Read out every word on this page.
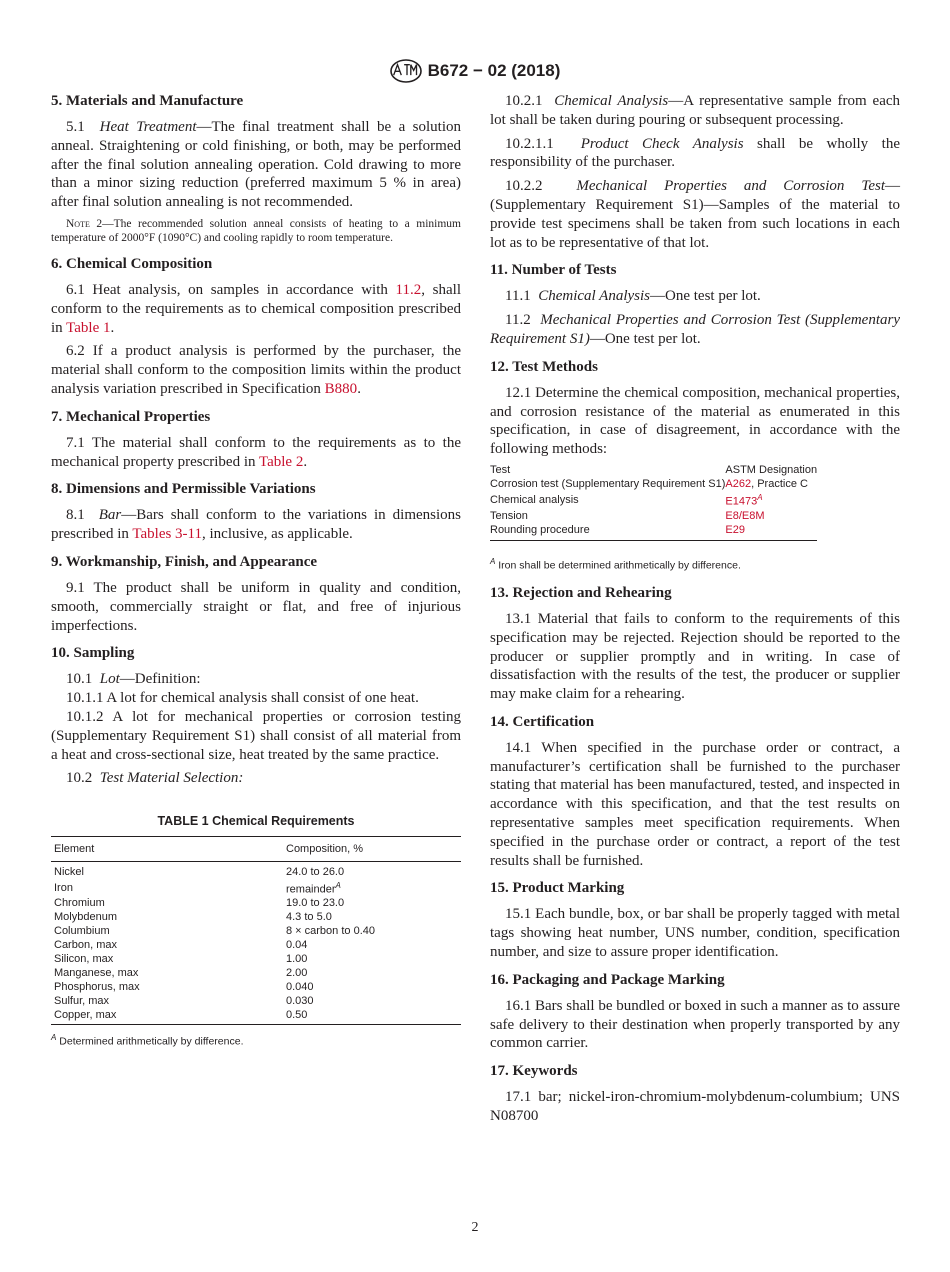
B672 − 02 (2018)
5. Materials and Manufacture

5.1 Heat Treatment—The final treatment shall be a solution anneal. Straightening or cold finishing, or both, may be performed after the final solution annealing operation. Cold drawing to more than a minor sizing reduction (preferred maximum 5 % in area) after final solution annealing is not recommended.

Note 2—The recommended solution anneal consists of heating to a minimum temperature of 2000°F (1090°C) and cooling rapidly to room temperature.
6. Chemical Composition

6.1 Heat analysis, on samples in accordance with 11.2, shall conform to the requirements as to chemical composition prescribed in Table 1.

6.2 If a product analysis is performed by the purchaser, the material shall conform to the composition limits within the product analysis variation prescribed in Specification B880.

7. Mechanical Properties

7.1 The material shall conform to the requirements as to the mechanical property prescribed in Table 2.

8. Dimensions and Permissible Variations

8.1 Bar—Bars shall conform to the variations in dimensions prescribed in Tables 3-11, inclusive, as applicable.

9. Workmanship, Finish, and Appearance

9.1 The product shall be uniform in quality and condition, smooth, commercially straight or flat, and free of injurious imperfections.

10. Sampling

10.1 Lot—Definition:

10.1.1 A lot for chemical analysis shall consist of one heat.

10.1.2 A lot for mechanical properties or corrosion testing (Supplementary Requirement S1) shall consist of all material from a heat and cross-sectional size, heat treated by the same practice.

10.2 Test Material Selection:

TABLE 1 Chemical Requirements
Element	Composition, %
Nickel	24.0 to 26.0
Iron	remainder$^A$
Chromium	19.0 to 23.0
Molybdenum	4.3 to 5.0
Columbium	8 × carbon to 0.40
Carbon, max	0.04
Silicon, max	1.00
Manganese, max	2.00
Phosphorus, max	0.040
Sulfur, max	0.030
Copper, max	0.50
$^A$ Determined arithmetically by difference.

10.2.1 Chemical Analysis—A representative sample from each lot shall be taken during pouring or subsequent processing.

10.2.1.1 Product Check Analysis shall be wholly the responsibility of the purchaser.

10.2.2 Mechanical Properties and Corrosion Test—(Supplementary Requirement S1)—Samples of the material to provide test specimens shall be taken from such locations in each lot as to be representative of that lot.

11. Number of Tests

11.1 Chemical Analysis—One test per lot.

11.2 Mechanical Properties and Corrosion Test (Supplementary Requirement S1)—One test per lot.

12. Test Methods

12.1 Determine the chemical composition, mechanical properties, and corrosion resistance of the material as enumerated in this specification, in case of disagreement, in accordance with the following methods:

Test	ASTM Designation
Corrosion test (Supplementary Requirement S1)	A262, Practice C
Chemical analysis	$E1473^A$
Tension	E8/E8M
Rounding procedure	E29
$^A$ Iron shall be determined arithmetically by difference.
13. Rejection and Rehearing

13.1 Material that fails to conform to the requirements of this specification may be rejected. Rejection should be reported to the producer or supplier promptly and in writing. In case of dissatisfaction with the results of the test, the producer or supplier may make claim for a rehearing.

14. Certification

14.1 When specified in the purchase order or contract, a manufacturer’s certification shall be furnished to the purchaser stating that material has been manufactured, tested, and inspected in accordance with this specification, and that the test results on representative samples meet specification requirements. When specified in the purchase order or contract, a report of the test results shall be furnished.

15. Product Marking

15.1 Each bundle, box, or bar shall be properly tagged with metal tags showing heat number, UNS number, condition, specification number, and size to assure proper identification.

16. Packaging and Package Marking

16.1 Bars shall be bundled or boxed in such a manner as to assure safe delivery to their destination when properly transported by any common carrier.

17. Keywords

17.1 bar; nickel-iron-chromium-molybdenum-columbium; UNS N08700

2
